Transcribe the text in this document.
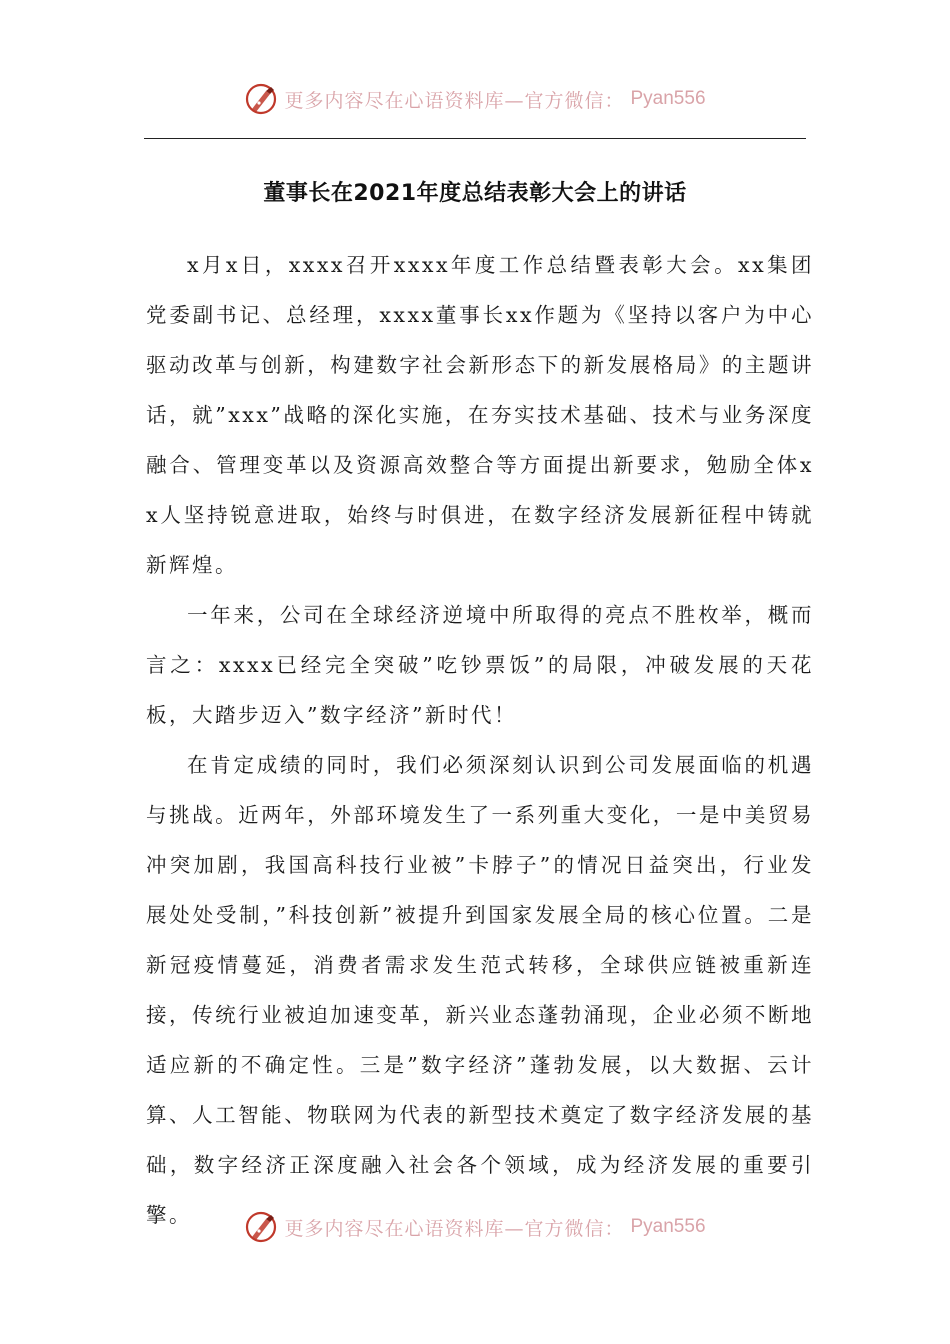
更多内容尽在心语资料库—官方微信： Pyan556
董事长在2021年度总结表彰大会上的讲话

x月x日，xxxx召开xxxx年度工作总结暨表彰大会。xx集团党委副书记、总经理，xxxx董事长xx作题为《坚持以客户为中心驱动改革与创新，构建数字社会新形态下的新发展格局》的主题讲话，就”xxx”战略的深化实施，在夯实技术基础、技术与业务深度融合、管理变革以及资源高效整合等方面提出新要求，勉励全体xx人坚持锐意进取，始终与时俱进，在数字经济发展新征程中铸就新辉煌。

一年来，公司在全球经济逆境中所取得的亮点不胜枚举，概而言之：xxxx已经完全突破”吃钞票饭”的局限，冲破发展的天花板，大踏步迈入”数字经济”新时代！

在肯定成绩的同时，我们必须深刻认识到公司发展面临的机遇与挑战。近两年，外部环境发生了一系列重大变化，一是中美贸易冲突加剧，我国高科技行业被”卡脖子”的情况日益突出，行业发展处处受制，”科技创新”被提升到国家发展全局的核心位置。二是新冠疫情蔓延，消费者需求发生范式转移，全球供应链被重新连接，传统行业被迫加速变革，新兴业态蓬勃涌现，企业必须不断地适应新的不确定性。三是”数字经济”蓬勃发展，以大数据、云计算、人工智能、物联网为代表的新型技术奠定了数字经济发展的基础，数字经济正深度融入社会各个领域，成为经济发展的重要引擎。

更多内容尽在心语资料库—官方微信： Pyan556
